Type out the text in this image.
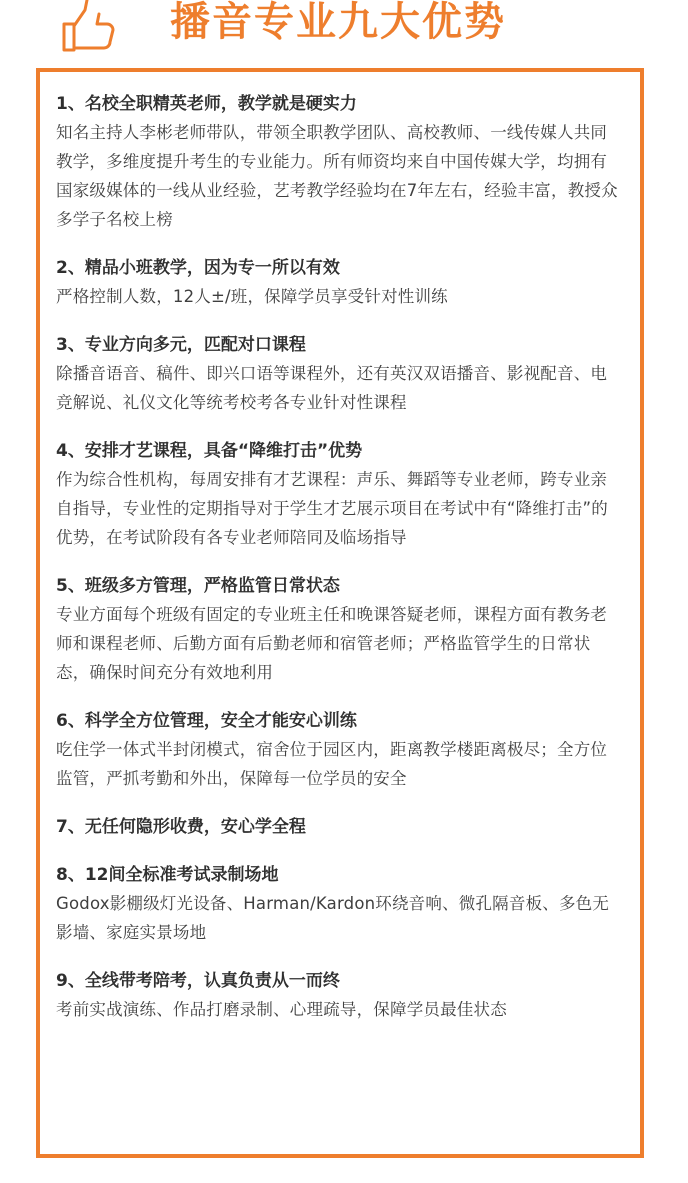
播音专业九大优势
1、名校全职精英老师，教学就是硬实力
知名主持人李彬老师带队，带领全职教学团队、高校教师、一线传媒人共同教学，多维度提升考生的专业能力。所有师资均来自中国传媒大学，均拥有国家级媒体的一线从业经验，艺考教学经验均在7年左右，经验丰富，教授众多学子名校上榜
2、精品小班教学，因为专一所以有效
严格控制人数，12人±/班，保障学员享受针对性训练
3、专业方向多元，匹配对口课程
除播音语音、稿件、即兴口语等课程外，还有英汉双语播音、影视配音、电竞解说、礼仪文化等统考校考各专业针对性课程
4、安排才艺课程，具备“降维打击”优势
作为综合性机构，每周安排有才艺课程：声乐、舞蹈等专业老师，跨专业亲自指导，专业性的定期指导对于学生才艺展示项目在考试中有“降维打击”的优势，在考试阶段有各专业老师陪同及临场指导
5、班级多方管理，严格监管日常状态
专业方面每个班级有固定的专业班主任和晚课答疑老师，课程方面有教务老师和课程老师、后勤方面有后勤老师和宿管老师；严格监管学生的日常状态，确保时间充分有效地利用
6、科学全方位管理，安全才能安心训练
吃住学一体式半封闭模式，宿舍位于园区内，距离教学楼距离极尽；全方位监管，严抓考勤和外出，保障每一位学员的安全
7、无任何隐形收费，安心学全程
8、12间全标准考试录制场地
Godox影棚级灯光设备、Harman/Kardon环绕音响、微孔隔音板、多色无影墙、家庭实景场地
9、全线带考陪考，认真负责从一而终
考前实战演练、作品打磨录制、心理疏导，保障学员最佳状态
